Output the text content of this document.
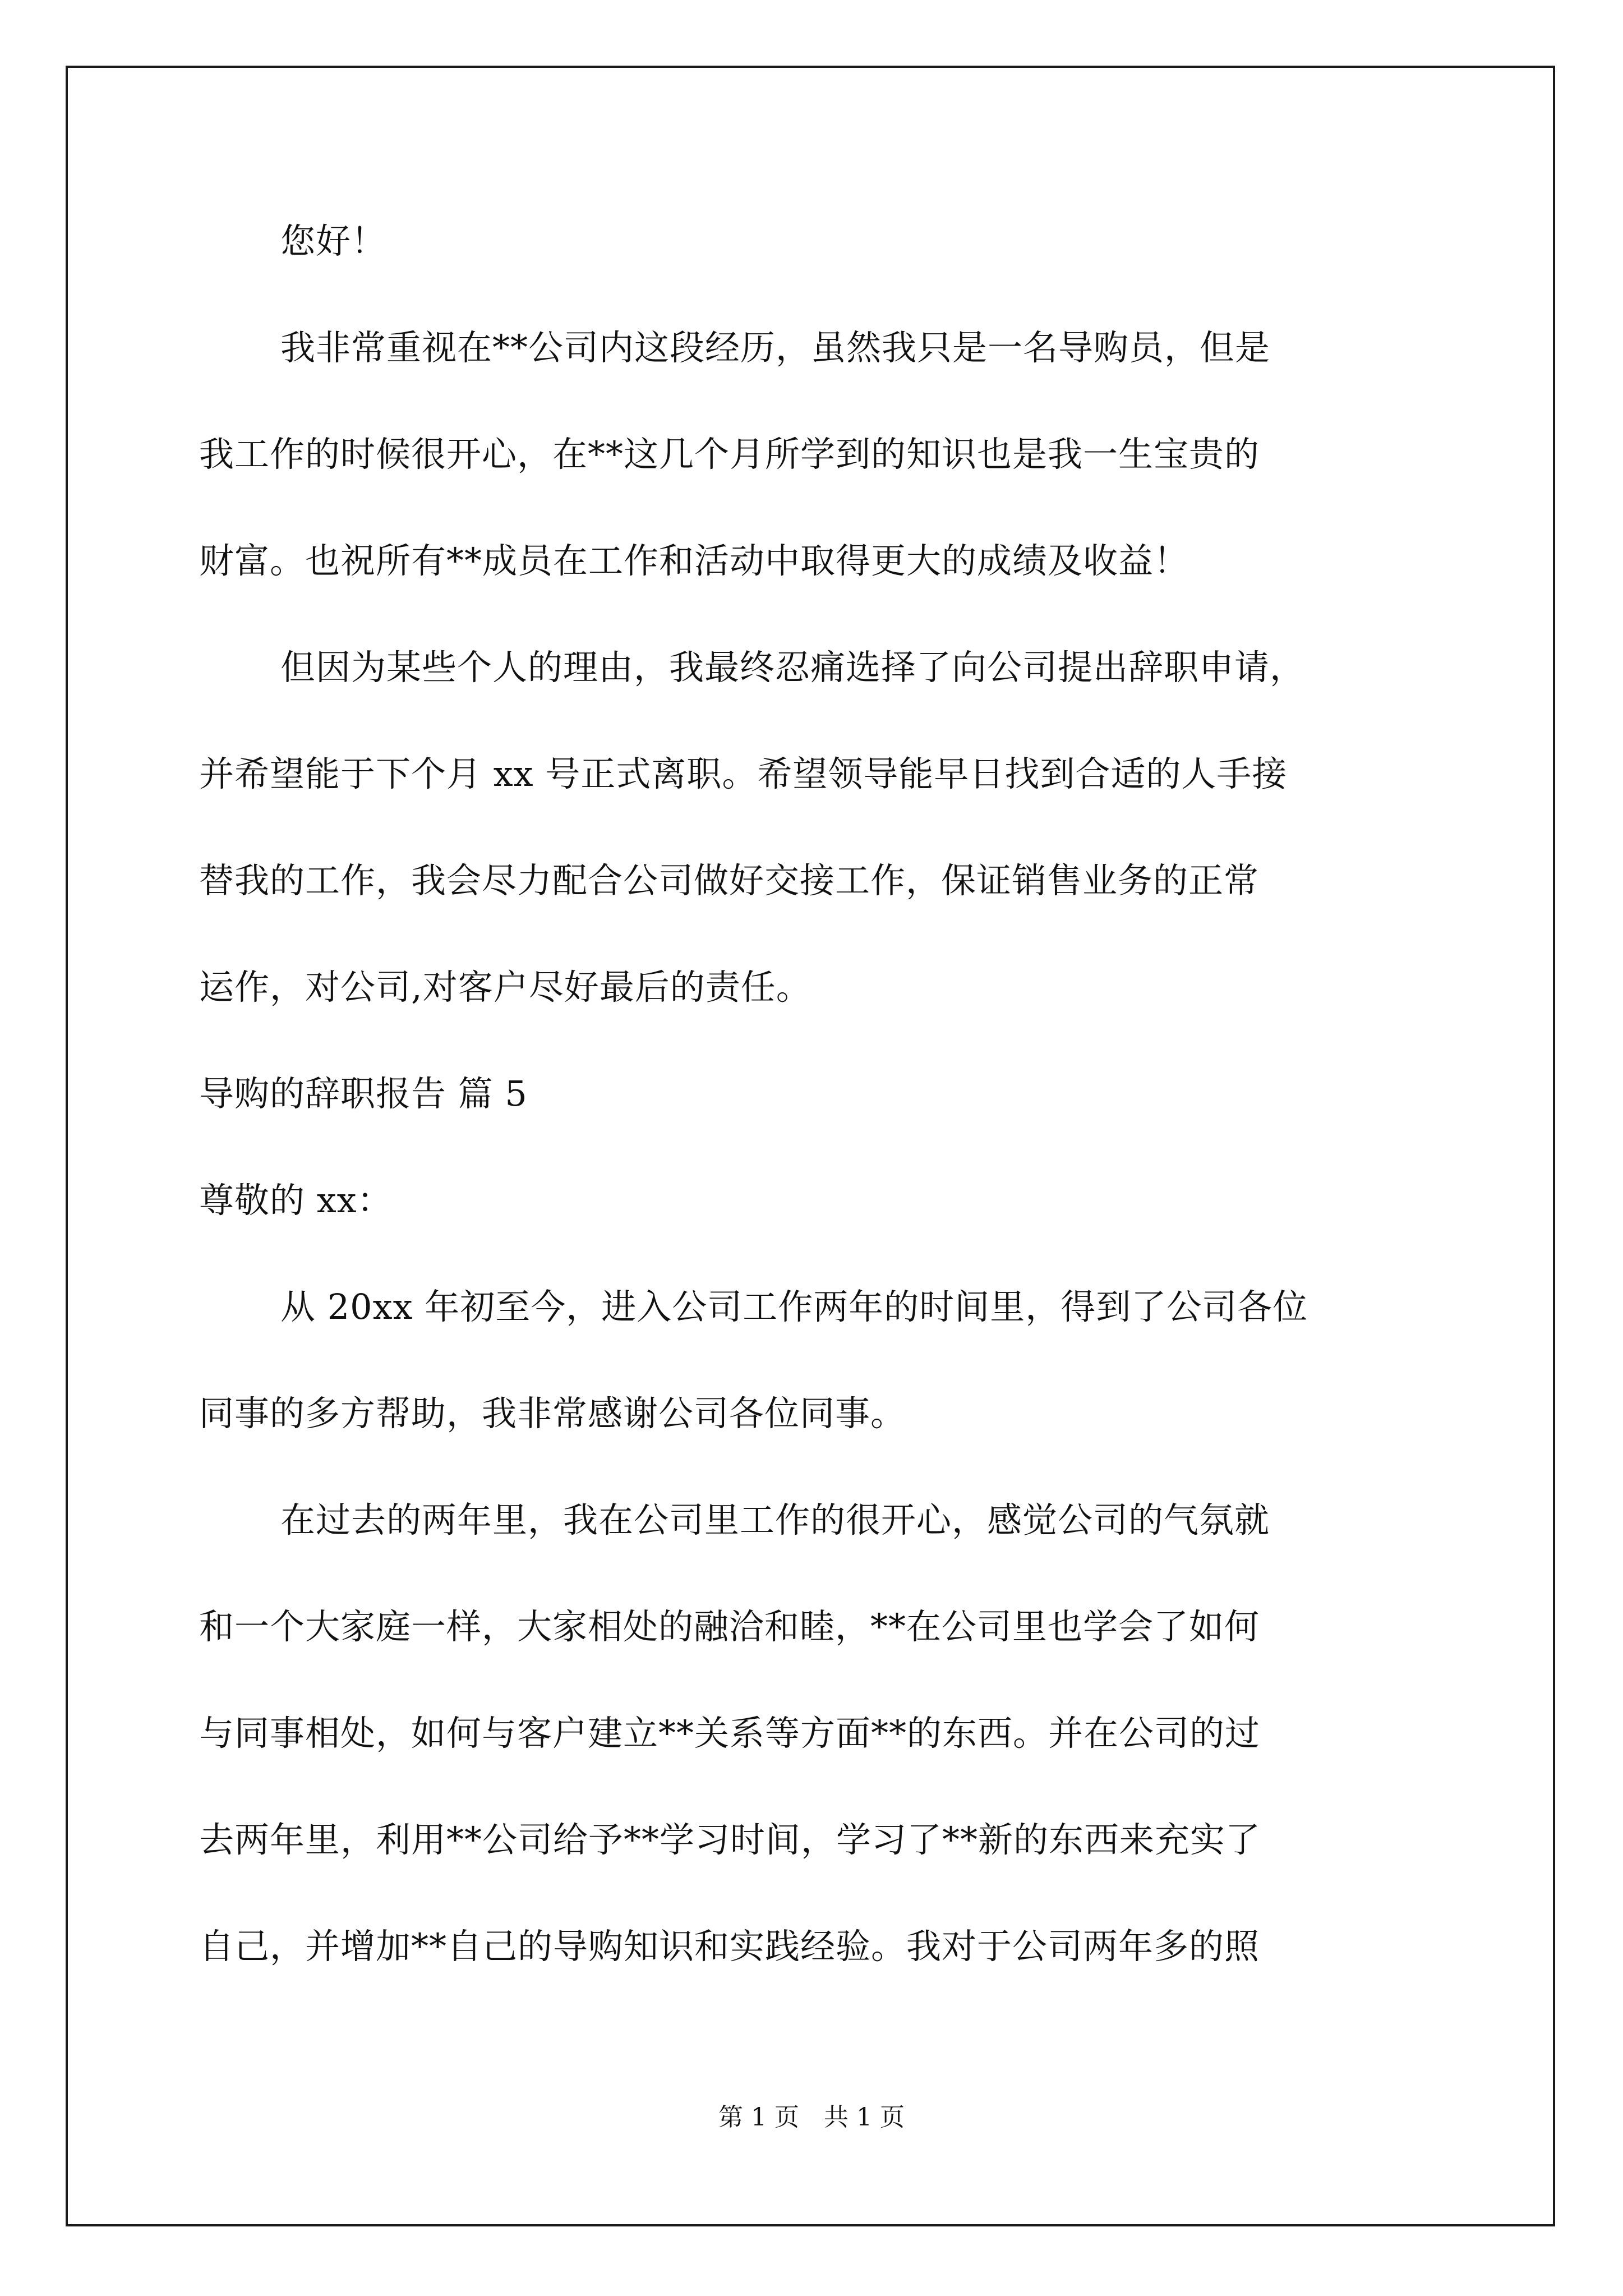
您好！
我非常重视在**公司内这段经历，虽然我只是一名导购员，但是
我工作的时候很开心，在**这几个月所学到的知识也是我一生宝贵的
财富。也祝所有**成员在工作和活动中取得更大的成绩及收益！
但因为某些个人的理由，我最终忍痛选择了向公司提出辞职申请，
并希望能于下个月 xx 号正式离职。希望领导能早日找到合适的人手接
替我的工作，我会尽力配合公司做好交接工作，保证销售业务的正常
运作，对公司,对客户尽好最后的责任。
导购的辞职报告 篇 5
尊敬的 xx：
从 20xx 年初至今，进入公司工作两年的时间里，得到了公司各位
同事的多方帮助，我非常感谢公司各位同事。
在过去的两年里，我在公司里工作的很开心，感觉公司的气氛就
和一个大家庭一样，大家相处的融洽和睦，**在公司里也学会了如何
与同事相处，如何与客户建立**关系等方面**的东西。并在公司的过
去两年里，利用**公司给予**学习时间，学习了**新的东西来充实了
自己，并增加**自己的导购知识和实践经验。我对于公司两年多的照
第 1 页　共 1 页
